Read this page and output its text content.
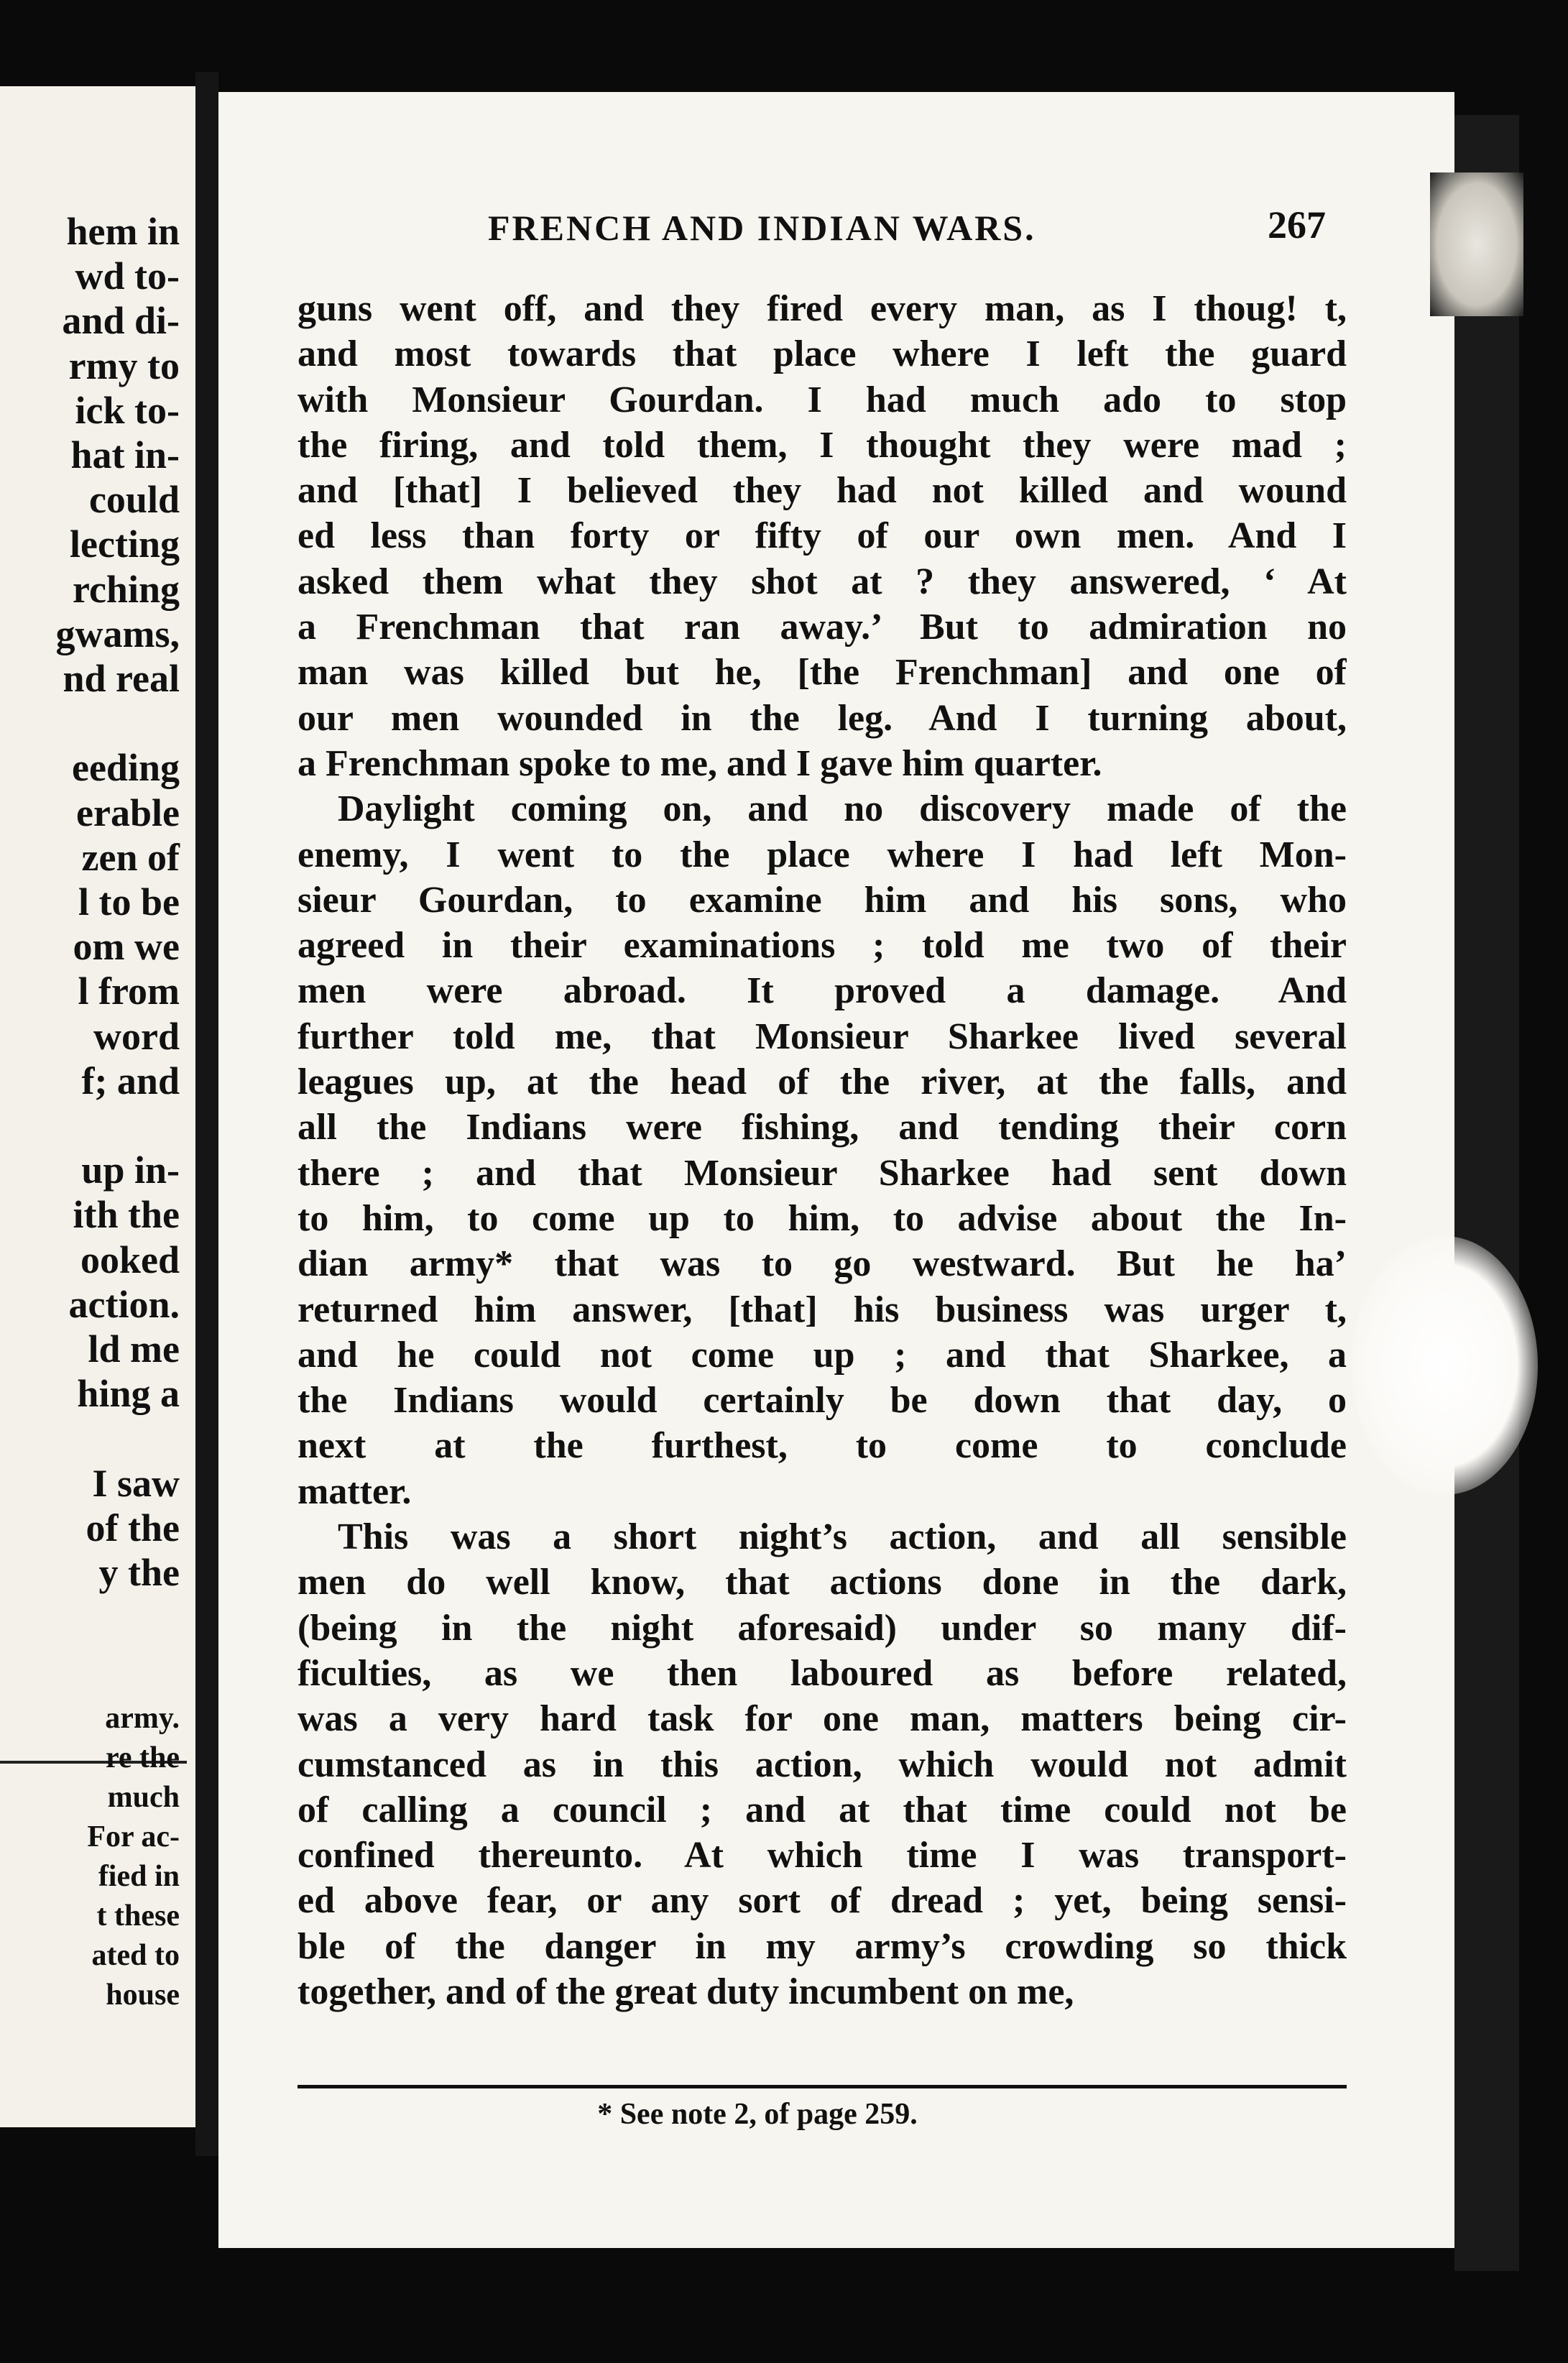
hem in
wd to-
and di-
rmy to
ick to-
hat in-
could
lecting
rching
gwams,
nd real
eeding
erable
zen of
l to be
om we
l from
word
f; and
up in-
ith the
ooked
action.
ld me
hing a
I saw
of the
y the
army.
re the
much
For ac-
fied in
t these
ated to
house
FRENCH AND INDIAN WARS.	267
guns went off, and they fired every man, as I thoug! t,
and most towards that place where I left the guard
with Monsieur Gourdan. I had much ado to stop
the firing, and told them, I thought they were mad ;
and [that] I believed they had not killed and wound
ed less than forty or fifty of our own men. And I
asked them what they shot at ? they answered, ‘ At
a Frenchman that ran away.’ But to admiration no
man was killed but he, [the Frenchman] and one of
our men wounded in the leg. And I turning about,
a Frenchman spoke to me, and I gave him quarter.
Daylight coming on, and no discovery made of the
enemy, I went to the place where I had left Mon-
sieur Gourdan, to examine him and his sons, who
agreed in their examinations ; told me two of their
men were abroad. It proved a damage. And
further told me, that Monsieur Sharkee lived several
leagues up, at the head of the river, at the falls, and
all the Indians were fishing, and tending their corn
there ; and that Monsieur Sharkee had sent down
to him, to come up to him, to advise about the In-
dian army* that was to go westward. But he ha’
returned him answer, [that] his business was urger t,
and he could not come up ; and that Sharkee, a
the Indians would certainly be down that day, o
next at the furthest, to come to conclude
matter.
This was a short night’s action, and all sensible
men do well know, that actions done in the dark,
(being in the night aforesaid) under so many dif-
ficulties, as we then laboured as before related,
was a very hard task for one man, matters being cir-
cumstanced as in this action, which would not admit
of calling a council ; and at that time could not be
confined thereunto. At which time I was transport-
ed above fear, or any sort of dread ; yet, being sensi-
ble of the danger in my army’s crowding so thick
together, and of the great duty incumbent on me,
* See note 2, of page 259.
